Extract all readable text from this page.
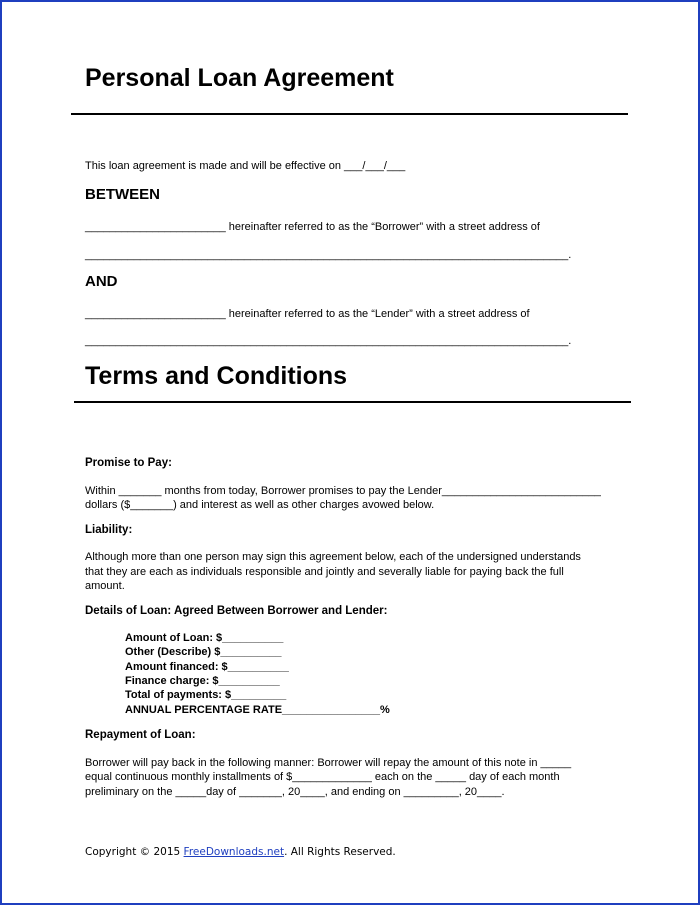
Personal Loan Agreement
This loan agreement is made and will be effective on ___/___/___
BETWEEN
_______________________ hereinafter referred to as the “Borrower” with a street address of
_______________________________________________________________________________.
AND
_______________________ hereinafter referred to as the “Lender” with a street address of
_______________________________________________________________________________.
Terms and Conditions
Promise to Pay:
Within _______ months from today, Borrower promises to pay the Lender__________________________
dollars ($_______) and interest as well as other charges avowed below.
Liability:
Although more than one person may sign this agreement below, each of the undersigned understands
that they are each as individuals responsible and jointly and severally liable for paying back the full
amount.
Details of Loan: Agreed Between Borrower and Lender:
Amount of Loan: $__________
Other (Describe) $__________
Amount financed: $__________
Finance charge: $__________
Total of payments: $_________
ANNUAL PERCENTAGE RATE________________%
Repayment of Loan:
Borrower will pay back in the following manner: Borrower will repay the amount of this note in _____
equal continuous monthly installments of $_____________ each on the _____ day of each month
preliminary on the _____day of _______, 20____, and ending on _________, 20____.
Copyright © 2015 FreeDownloads.net. All Rights Reserved.
